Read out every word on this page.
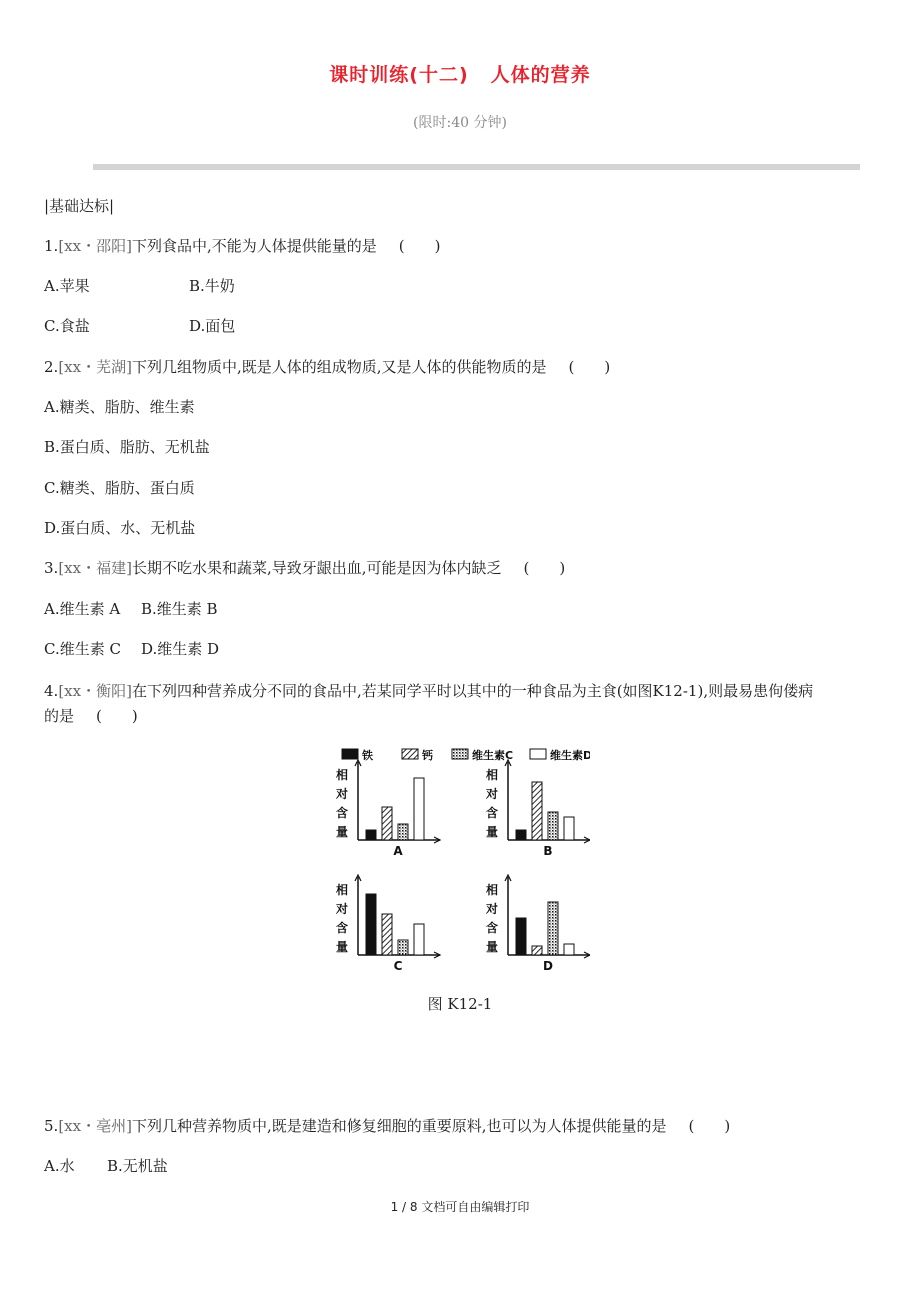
课时训练(十二) 人体的营养
(限时:40 分钟)
|基础达标|
1.[xx・邵阳]下列食品中,不能为人体提供能量的是 (　　)
A.苹果	B.牛奶
C.食盐	D.面包
2.[xx・芜湖]下列几组物质中,既是人体的组成物质,又是人体的供能物质的是 (　　)
A.糖类、脂肪、维生素
B.蛋白质、脂肪、无机盐
C.糖类、脂肪、蛋白质
D.蛋白质、水、无机盐
3.[xx・福建]长期不吃水果和蔬菜,导致牙龈出血,可能是因为体内缺乏 (　　)
A.维生素 A B.维生素 B
C.维生素 C D.维生素 D
4.[xx・衡阳]在下列四种营养成分不同的食品中,若某同学平时以其中的一种食品为主食(如图K12-1),则最易患佝偻病
的是 (　　)
铁	钙	维生素C	维生素D
相
对
含
量
A
相
对
含
量
B
相
对
含
量
C
相
对
含
量
D
图 K12-1
5.[xx・亳州]下列几种营养物质中,既是建造和修复细胞的重要原料,也可以为人体提供能量的是 (　　)
A.水 B.无机盐
1 / 8 文档可自由编辑打印
